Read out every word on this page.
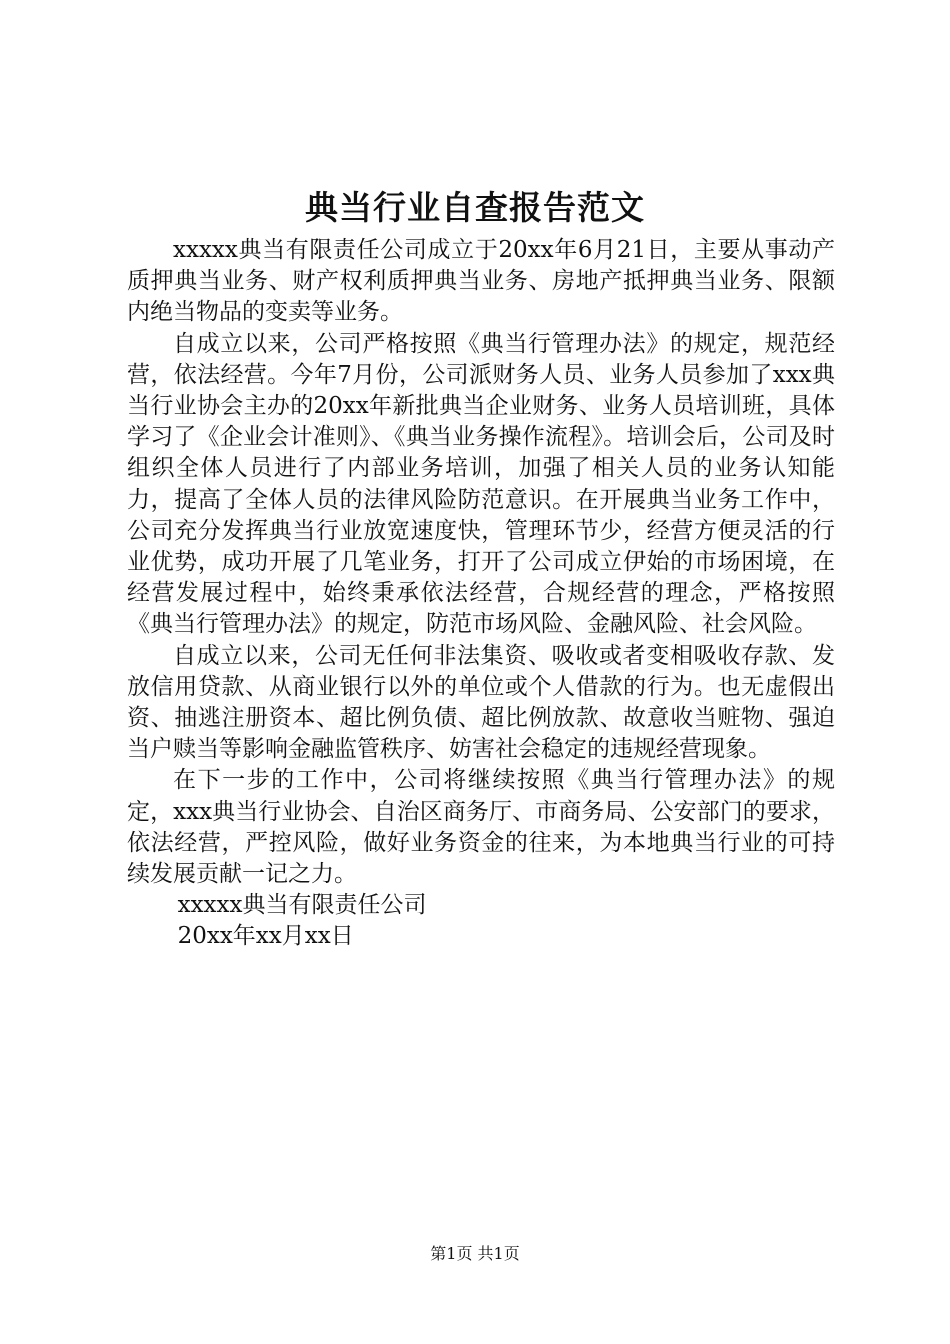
典当行业自查报告范文

xxxxx典当有限责任公司成立于20xx年6月21日，主要从事动产质押典当业务、财产权利质押典当业务、房地产抵押典当业务、限额内绝当物品的变卖等业务。

自成立以来，公司严格按照《典当行管理办法》的规定，规范经营，依法经营。今年7月份，公司派财务人员、业务人员参加了xxx典当行业协会主办的20xx年新批典当企业财务、业务人员培训班，具体学习了《企业会计准则》、《典当业务操作流程》。培训会后，公司及时组织全体人员进行了内部业务培训，加强了相关人员的业务认知能力，提高了全体人员的法律风险防范意识。在开展典当业务工作中，公司充分发挥典当行业放宽速度快，管理环节少，经营方便灵活的行业优势，成功开展了几笔业务，打开了公司成立伊始的市场困境，在经营发展过程中，始终秉承依法经营，合规经营的理念，严格按照《典当行管理办法》的规定，防范市场风险、金融风险、社会风险。

自成立以来，公司无任何非法集资、吸收或者变相吸收存款、发放信用贷款、从商业银行以外的单位或个人借款的行为。也无虚假出资、抽逃注册资本、超比例负债、超比例放款、故意收当赃物、强迫当户赎当等影响金融监管秩序、妨害社会稳定的违规经营现象。

在下一步的工作中，公司将继续按照《典当行管理办法》的规定，xxx典当行业协会、自治区商务厅、市商务局、公安部门的要求，依法经营，严控风险，做好业务资金的往来，为本地典当行业的可持续发展贡献一记之力。

xxxxx典当有限责任公司

20xx年xx月xx日

第1页 共1页
